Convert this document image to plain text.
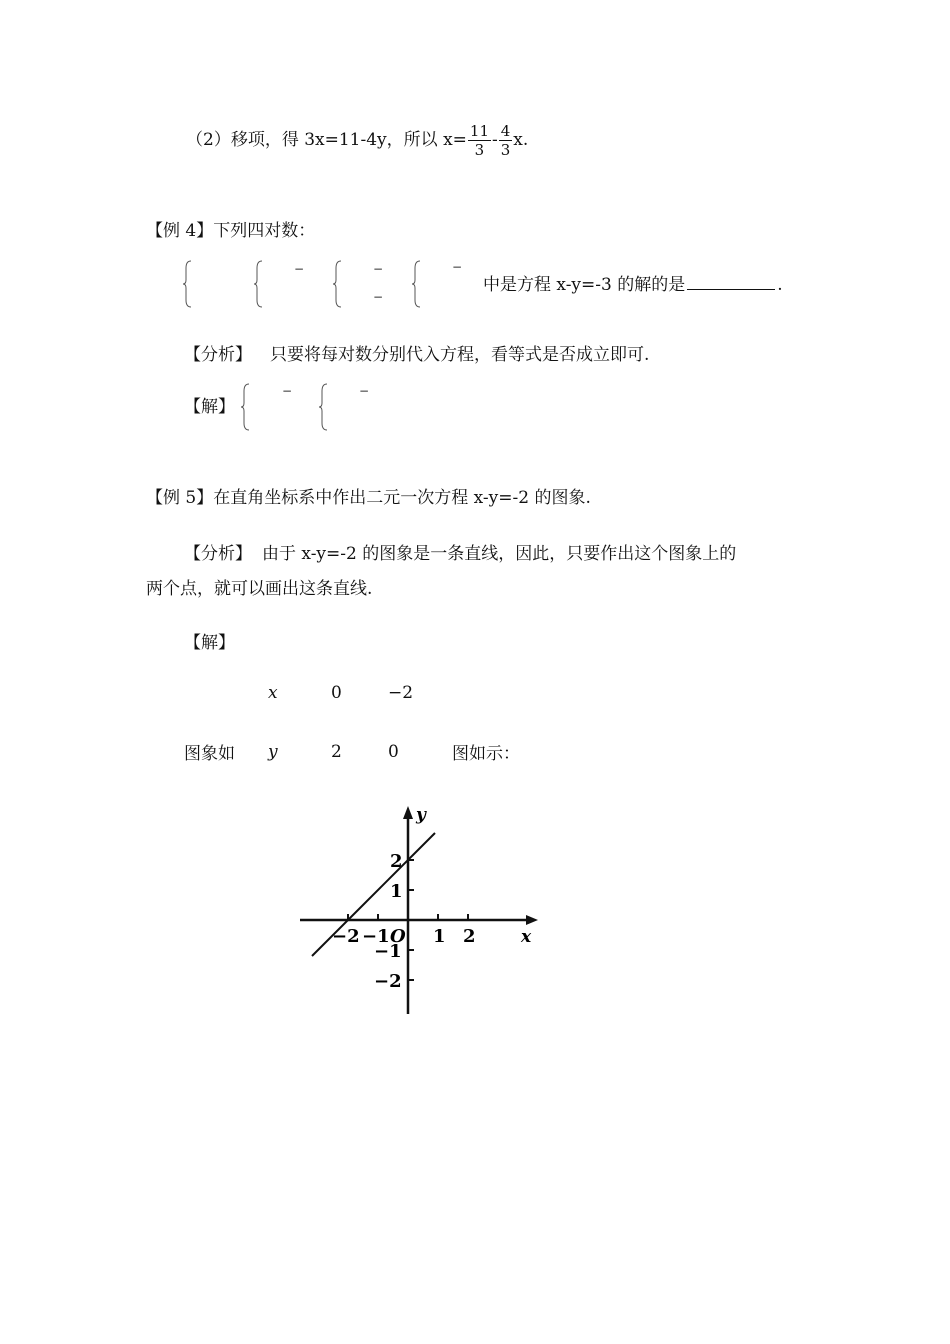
（2）移项，得 3x=11-4y，所以 $x= \frac{11}{3} - \frac{4}{3} x$.
【例 4】下列四对数：
−	−
−
−
中是方程 x-y=-3 的解的是	.
【分析】 只要将每对数分别代入方程，看等式是否成立即可.
【解】
−	−
【例 5】在直角坐标系中作出二元一次方程 x-y=-2 的图象.
【分析】 由于 x-y=-2 的图象是一条直线，因此，只要作出这个图象上的
两个点，就可以画出这条直线.
【解】
x	0	−2
图象如 y	2	0	图如示：
x
y
O
−2 −1 1 2
2
1
−1
−2
